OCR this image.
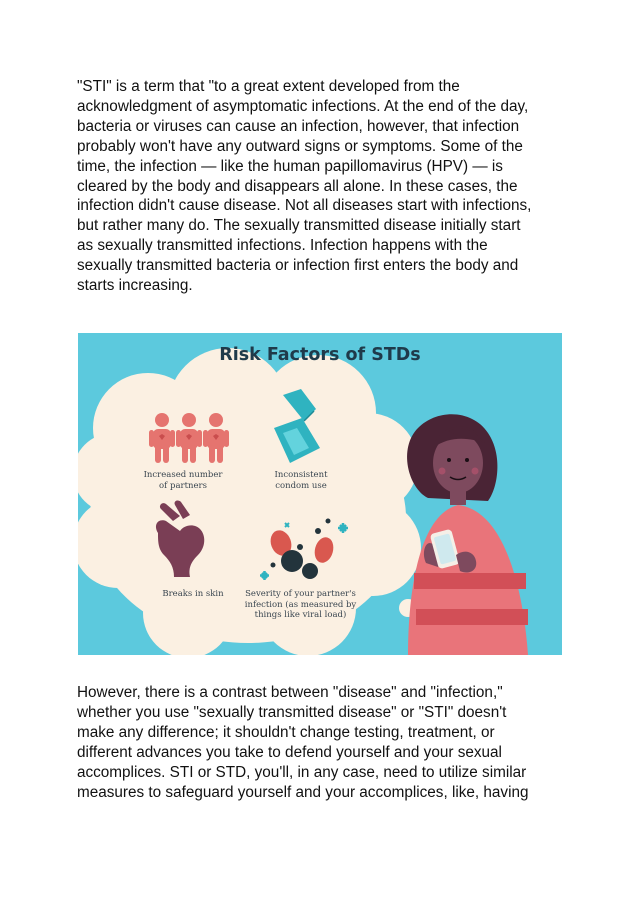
"STI" is a term that "to a great extent developed from the
acknowledgment of asymptomatic infections. At the end of the day,
bacteria or viruses can cause an infection, however, that infection
probably won't have any outward signs or symptoms. Some of the
time, the infection — like the human papillomavirus (HPV) — is
cleared by the body and disappears all alone. In these cases, the
infection didn't cause disease. Not all diseases start with infections,
but rather many do. The sexually transmitted disease initially start
as sexually transmitted infections. Infection happens with the
sexually transmitted bacteria or infection first enters the body and
starts increasing.
Risk Factors of STDs
Increased number
of partners
Inconsistent
condom use
Breaks in skin	Severity of your partner's
infection (as measured by
things like viral load)
However, there is a contrast between "disease" and "infection,"
whether you use "sexually transmitted disease" or "STI" doesn't
make any difference; it shouldn't change testing, treatment, or
different advances you take to defend yourself and your sexual
accomplices. STI or STD, you'll, in any case, need to utilize similar
measures to safeguard yourself and your accomplices, like, having
